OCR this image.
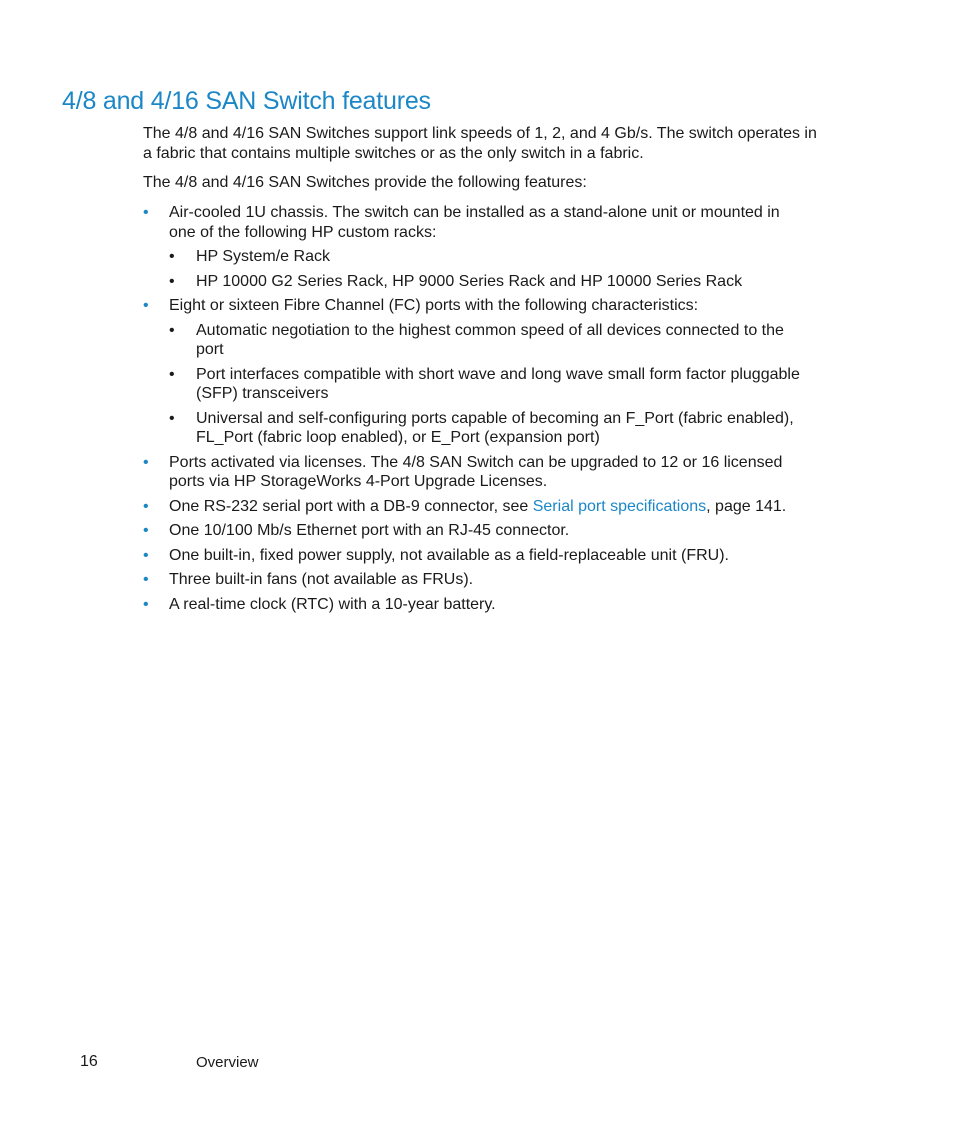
4/8 and 4/16 SAN Switch features

The 4/8 and 4/16 SAN Switches support link speeds of 1, 2, and 4 Gb/s. The switch operates in a fabric that contains multiple switches or as the only switch in a fabric.

The 4/8 and 4/16 SAN Switches provide the following features:

• Air-cooled 1U chassis. The switch can be installed as a stand-alone unit or mounted in one of the following HP custom racks:
• HP System/e Rack
• HP 10000 G2 Series Rack, HP 9000 Series Rack and HP 10000 Series Rack
• Eight or sixteen Fibre Channel (FC) ports with the following characteristics:
• Automatic negotiation to the highest common speed of all devices connected to the port
• Port interfaces compatible with short wave and long wave small form factor pluggable (SFP) transceivers
• Universal and self-configuring ports capable of becoming an F_Port (fabric enabled), FL_Port (fabric loop enabled), or E_Port (expansion port)
• Ports activated via licenses. The 4/8 SAN Switch can be upgraded to 12 or 16 licensed ports via HP StorageWorks 4-Port Upgrade Licenses.
• One RS-232 serial port with a DB-9 connector, see Serial port specifications, page 141.
• One 10/100 Mb/s Ethernet port with an RJ-45 connector.
• One built-in, fixed power supply, not available as a field-replaceable unit (FRU).
• Three built-in fans (not available as FRUs).
• A real-time clock (RTC) with a 10-year battery.
16	Overview
